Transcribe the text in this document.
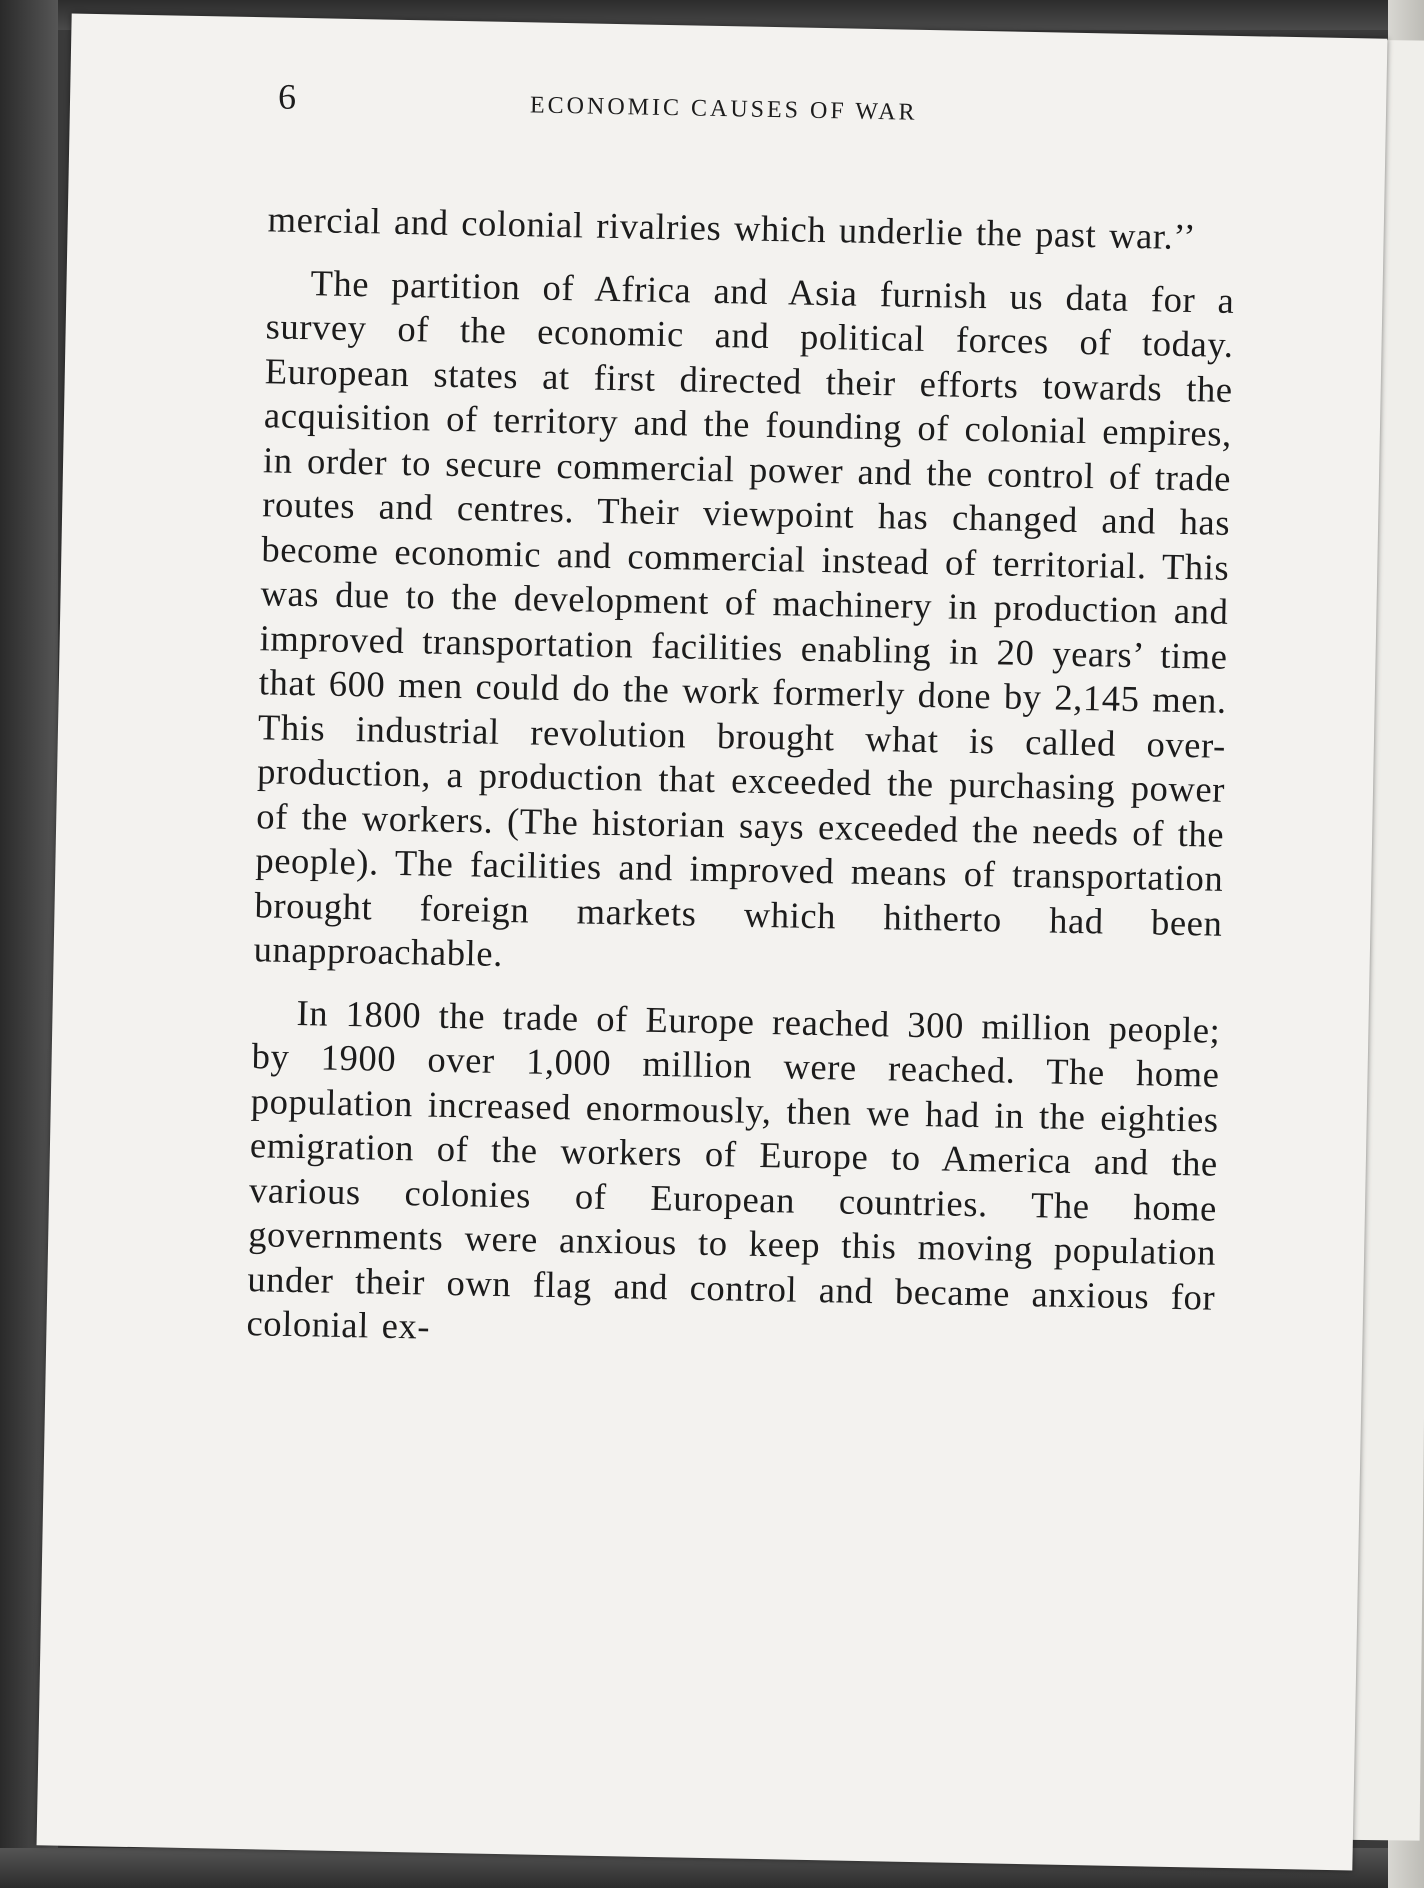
6	ECONOMIC CAUSES OF WAR

mercial and colonial rivalries which underlie the past war.’’

The partition of Africa and Asia furnish us data for a survey of the economic and political forces of today. European states at first directed their efforts towards the acquisition of territory and the founding of colonial empires, in order to secure commercial power and the control of trade routes and centres. Their viewpoint has changed and has become economic and commercial instead of territorial. This was due to the development of machinery in production and improved transportation facilities enabling in 20 years’ time that 600 men could do the work formerly done by 2,145 men. This industrial revolution brought what is called over-production, a production that exceeded the purchasing power of the workers. (The historian says exceeded the needs of the people). The facilities and improved means of transportation brought foreign markets which hitherto had been unapproachable.

In 1800 the trade of Europe reached 300 million people; by 1900 over 1,000 million were reached. The home population increased enormously, then we had in the eighties emigration of the workers of Europe to America and the various colonies of European countries. The home governments were anxious to keep this moving population under their own flag and control and became anxious for colonial ex-
